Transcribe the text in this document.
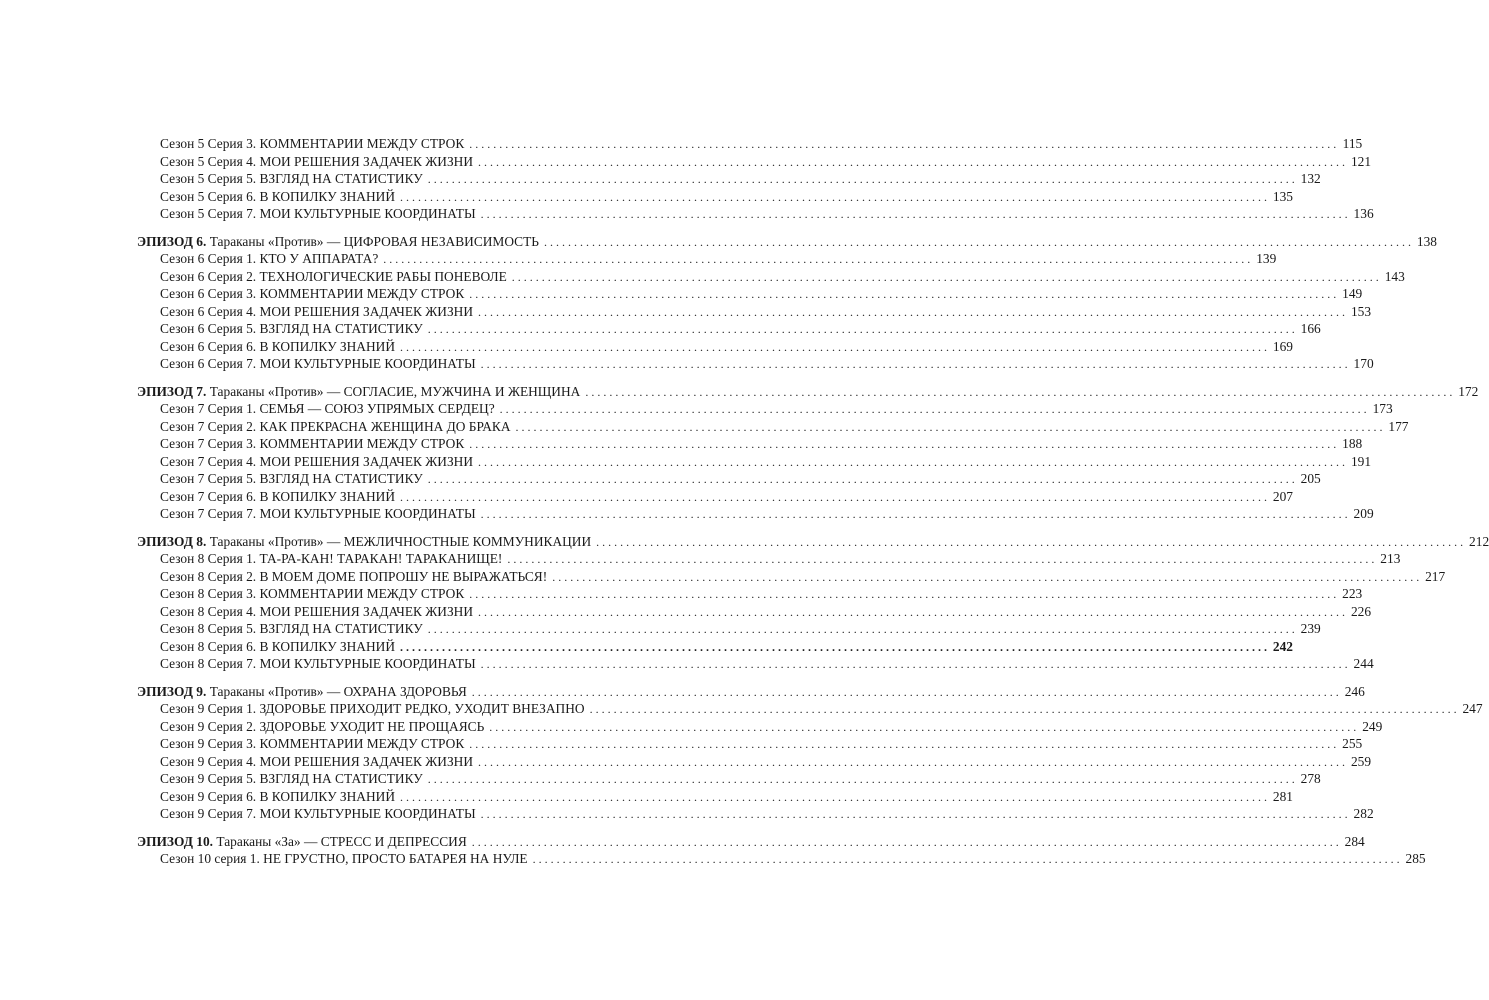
Сезон 5 Серия 3. КОММЕНТАРИИ МЕЖДУ СТРОК . . .	115
Сезон 5 Серия 4. МОИ РЕШЕНИЯ ЗАДАЧЕК ЖИЗНИ . . .	121
Сезон 5 Серия 5. ВЗГЛЯД НА СТАТИСТИКУ . . .	132
Сезон 5 Серия 6. В КОПИЛКУ ЗНАНИЙ . . .	135
Сезон 5 Серия 7. МОИ КУЛЬТУРНЫЕ КООРДИНАТЫ . . .	136
ЭПИЗОД 6. Тараканы «Против» — ЦИФРОВАЯ НЕЗАВИСИМОСТЬ . . .	138
Сезон 6 Серия 1. КТО У АППАРАТА? . . .	139
Сезон 6 Серия 2. ТЕХНОЛОГИЧЕСКИЕ РАБЫ ПОНЕВОЛЕ . . .	143
Сезон 6 Серия 3. КОММЕНТАРИИ МЕЖДУ СТРОК . . .	149
Сезон 6 Серия 4. МОИ РЕШЕНИЯ ЗАДАЧЕК ЖИЗНИ . . .	153
Сезон 6 Серия 5. ВЗГЛЯД НА СТАТИСТИКУ . . .	166
Сезон 6 Серия 6. В КОПИЛКУ ЗНАНИЙ . . .	169
Сезон 6 Серия 7. МОИ КУЛЬТУРНЫЕ КООРДИНАТЫ . . .	170
ЭПИЗОД 7. Тараканы «Против» — СОГЛАСИЕ, МУЖЧИНА И ЖЕНЩИНА . . .	172
Сезон 7 Серия 1. СЕМЬЯ — СОЮЗ УПРЯМЫХ СЕРДЕЦ? . . .	173
Сезон 7 Серия 2. КАК ПРЕКРАСНА ЖЕНЩИНА ДО БРАКА . . .	177
Сезон 7 Серия 3. КОММЕНТАРИИ МЕЖДУ СТРОК . . .	188
Сезон 7 Серия 4. МОИ РЕШЕНИЯ ЗАДАЧЕК ЖИЗНИ . . .	191
Сезон 7 Серия 5. ВЗГЛЯД НА СТАТИСТИКУ . . .	205
Сезон 7 Серия 6. В КОПИЛКУ ЗНАНИЙ . . .	207
Сезон 7 Серия 7. МОИ КУЛЬТУРНЫЕ КООРДИНАТЫ . . .	209
ЭПИЗОД 8. Тараканы «Против» — МЕЖЛИЧНОСТНЫЕ КОММУНИКАЦИИ . . .	212
Сезон 8 Серия 1. ТА-РА-КАН! ТАРАКАН! ТАРАКАНИЩЕ! . . .	213
Сезон 8 Серия 2. В МОЕМ ДОМЕ ПОПРОШУ НЕ ВЫРАЖАТЬСЯ! . . .	217
Сезон 8 Серия 3. КОММЕНТАРИИ МЕЖДУ СТРОК . . .	223
Сезон 8 Серия 4. МОИ РЕШЕНИЯ ЗАДАЧЕК ЖИЗНИ . . .	226
Сезон 8 Серия 5. ВЗГЛЯД НА СТАТИСТИКУ . . .	239
Сезон 8 Серия 6. В КОПИЛКУ ЗНАНИЙ . . .	242
Сезон 8 Серия 7. МОИ КУЛЬТУРНЫЕ КООРДИНАТЫ . . .	244
ЭПИЗОД 9. Тараканы «Против» — ОХРАНА ЗДОРОВЬЯ . . .	246
Сезон 9 Серия 1. ЗДОРОВЬЕ ПРИХОДИТ РЕДКО, УХОДИТ ВНЕЗАПНО . . .	247
Сезон 9 Серия 2. ЗДОРОВЬЕ УХОДИТ НЕ ПРОЩАЯСЬ . . .	249
Сезон 9 Серия 3. КОММЕНТАРИИ МЕЖДУ СТРОК . . .	255
Сезон 9 Серия 4. МОИ РЕШЕНИЯ ЗАДАЧЕК ЖИЗНИ . . .	259
Сезон 9 Серия 5. ВЗГЛЯД НА СТАТИСТИКУ . . .	278
Сезон 9 Серия 6. В КОПИЛКУ ЗНАНИЙ . . .	281
Сезон 9 Серия 7. МОИ КУЛЬТУРНЫЕ КООРДИНАТЫ . . .	282
ЭПИЗОД 10. Тараканы «За» — СТРЕСС И ДЕПРЕССИЯ . . .	284
Сезон 10 серия 1. НЕ ГРУСТНО, ПРОСТО БАТАРЕЯ НА НУЛЕ . . .	285
